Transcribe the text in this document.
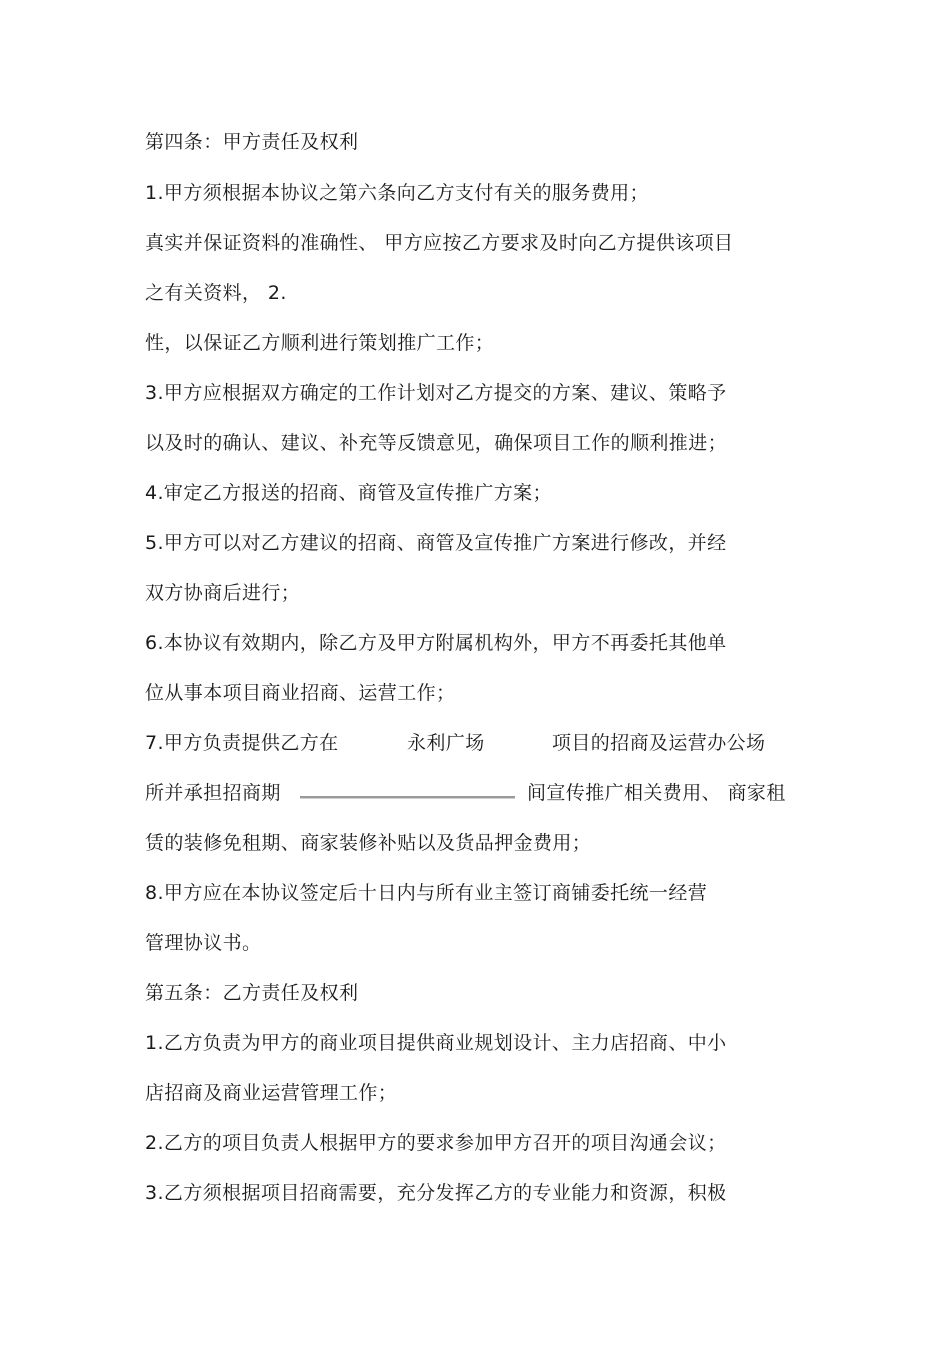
第四条：甲方责任及权利
1.甲方须根据本协议之第六条向乙方支付有关的服务费用；
真实并保证资料的准确性、 甲方应按乙方要求及时向乙方提供该项目
之有关资料， 2.
性，以保证乙方顺利进行策划推广工作；
3.甲方应根据双方确定的工作计划对乙方提交的方案、建议、策略予
以及时的确认、建议、补充等反馈意见，确保项目工作的顺利推进；
4.审定乙方报送的招商、商管及宣传推广方案；
5.甲方可以对乙方建议的招商、商管及宣传推广方案进行修改，并经
双方协商后进行；
6.本协议有效期内，除乙方及甲方附属机构外，甲方不再委托其他单
位从事本项目商业招商、运营工作；
7.甲方负责提供乙方在	永利广场	项目的招商及运营办公场
所并承担招商期	间宣传推广相关费用、 商家租
赁的装修免租期、商家装修补贴以及货品押金费用；
8.甲方应在本协议签定后十日内与所有业主签订商铺委托统一经营
管理协议书。
第五条：乙方责任及权利
1.乙方负责为甲方的商业项目提供商业规划设计、主力店招商、中小
店招商及商业运营管理工作；
2.乙方的项目负责人根据甲方的要求参加甲方召开的项目沟通会议；
3.乙方须根据项目招商需要，充分发挥乙方的专业能力和资源，积极
